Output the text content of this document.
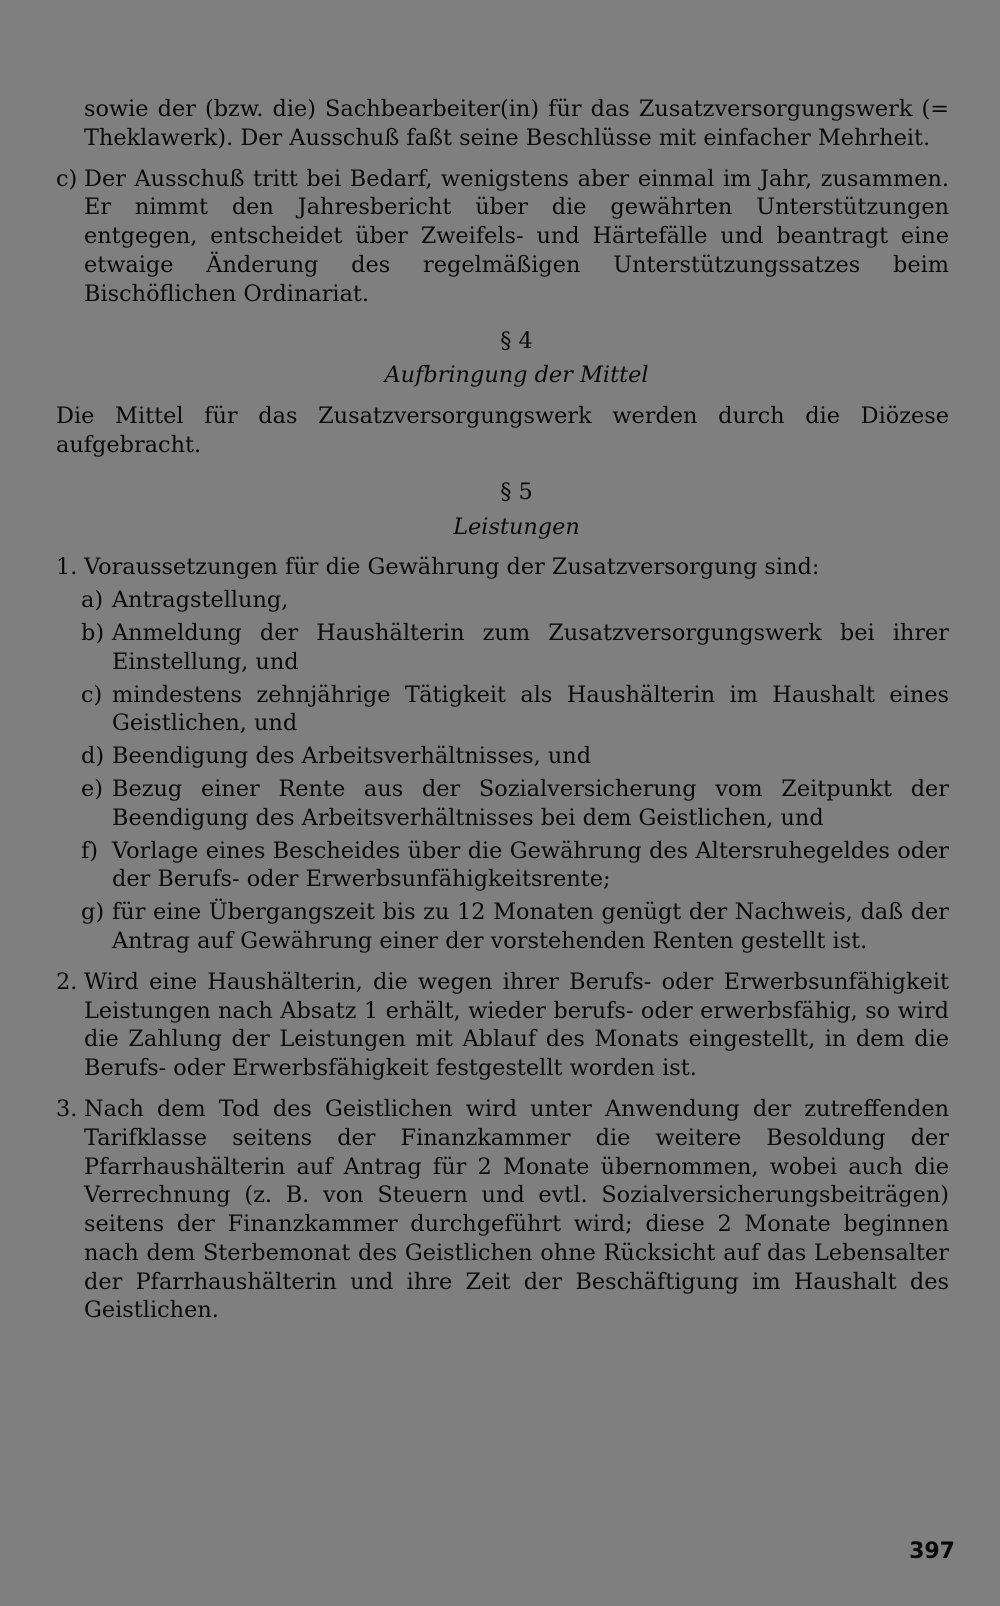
sowie der (bzw. die) Sachbearbeiter(in) für das Zusatzversorgungswerk (= Theklawerk). Der Ausschuß faßt seine Beschlüsse mit einfacher Mehrheit.

c) Der Ausschuß tritt bei Bedarf, wenigstens aber einmal im Jahr, zusammen. Er nimmt den Jahresbericht über die gewährten Unterstützungen entgegen, entscheidet über Zweifels- und Härtefälle und beantragt eine etwaige Änderung des regelmäßigen Unterstützungssatzes beim Bischöflichen Ordinariat.

§ 4

Aufbringung der Mittel

Die Mittel für das Zusatzversorgungswerk werden durch die Diözese aufgebracht.

§ 5

Leistungen

1. Voraussetzungen für die Gewährung der Zusatzversorgung sind:

a) Antragstellung,

b) Anmeldung der Haushälterin zum Zusatzversorgungswerk bei ihrer Einstellung, und

c) mindestens zehnjährige Tätigkeit als Haushälterin im Haushalt eines Geistlichen, und

d) Beendigung des Arbeitsverhältnisses, und

e) Bezug einer Rente aus der Sozialversicherung vom Zeitpunkt der Beendigung des Arbeitsverhältnisses bei dem Geistlichen, und

f) Vorlage eines Bescheides über die Gewährung des Altersruhegeldes oder der Berufs- oder Erwerbsunfähigkeitsrente;

g) für eine Übergangszeit bis zu 12 Monaten genügt der Nachweis, daß der Antrag auf Gewährung einer der vorstehenden Renten gestellt ist.

2. Wird eine Haushälterin, die wegen ihrer Berufs- oder Erwerbsunfähigkeit Leistungen nach Absatz 1 erhält, wieder berufs- oder erwerbsfähig, so wird die Zahlung der Leistungen mit Ablauf des Monats eingestellt, in dem die Berufs- oder Erwerbsfähigkeit festgestellt worden ist.

3. Nach dem Tod des Geistlichen wird unter Anwendung der zutreffenden Tarifklasse seitens der Finanzkammer die weitere Besoldung der Pfarrhaushälterin auf Antrag für 2 Monate übernommen, wobei auch die Verrechnung (z. B. von Steuern und evtl. Sozialversicherungsbeiträgen) seitens der Finanzkammer durchgeführt wird; diese 2 Monate beginnen nach dem Sterbemonat des Geistlichen ohne Rücksicht auf das Lebensalter der Pfarrhaushälterin und ihre Zeit der Beschäftigung im Haushalt des Geistlichen.

397
